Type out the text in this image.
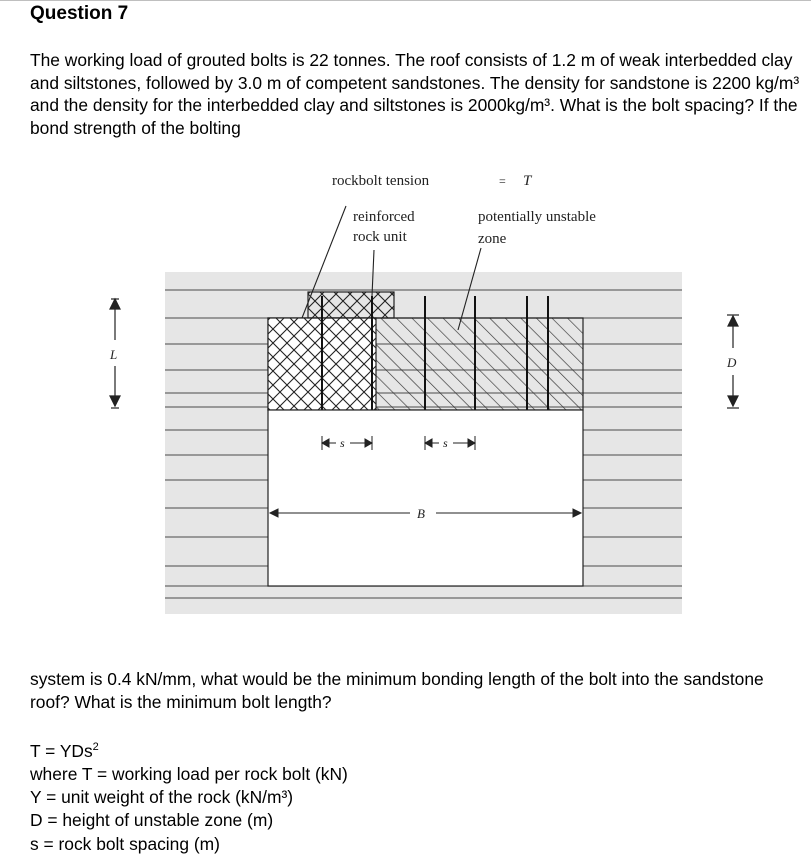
Question 7

The working load of grouted bolts is 22 tonnes. The roof consists of 1.2 m of weak interbedded clay and siltstones, followed by 3.0 m of competent sandstones. The density for sandstone is 2200 kg/m³ and the density for the interbedded clay and siltstones is 2000kg/m³. What is the bolt spacing? If the bond strength of the bolting

rockbolt tension	= T
reinforced
rock unit
potentially unstable
zone
L
D
s	s
B

system is 0.4 kN/mm, what would be the minimum bonding length of the bolt into the sandstone roof? What is the minimum bolt length?

T = YDs$^2$
where T = working load per rock bolt (kN)
Y = unit weight of the rock (kN/m³)
D = height of unstable zone (m)
s = rock bolt spacing (m)
